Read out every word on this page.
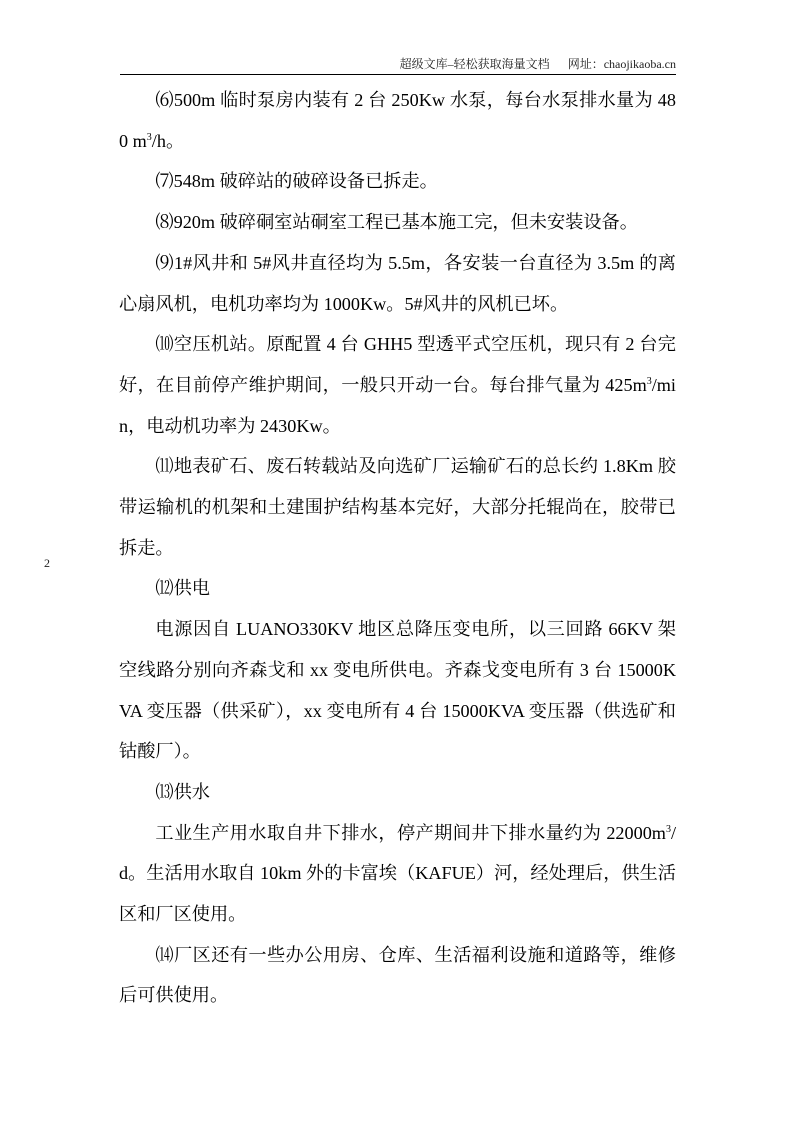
超级文库–轻松获取海量文档 网址：chaojikaoba.cn
2

⑹500m 临时泵房内装有 2 台 250Kw 水泵，每台水泵排水量为 480 $m^3/h$。

⑺548m 破碎站的破碎设备已拆走。

⑻920m 破碎硐室站硐室工程已基本施工完，但未安装设备。

⑼1#风井和 5#风井直径均为 5.5m，各安装一台直径为 3.5m 的离心扇风机，电机功率均为 1000Kw。5#风井的风机已坏。

⑽空压机站。原配置 4 台 GHH5 型透平式空压机，现只有 2 台完好，在目前停产维护期间，一般只开动一台。每台排气量为 $425m^3/\min$，电动机功率为 2430Kw。

⑾地表矿石、废石转载站及向选矿厂运输矿石的总长约 1.8Km 胶带运输机的机架和土建围护结构基本完好，大部分托辊尚在，胶带已拆走。

⑿供电

电源因自 LUANO330KV 地区总降压变电所，以三回路 66KV 架空线路分别向齐森戈和 xx 变电所供电。齐森戈变电所有 3 台 15000KVA 变压器（供采矿），xx 变电所有 4 台 15000KVA 变压器（供选矿和钴酸厂）。

⒀供水

工业生产用水取自井下排水，停产期间井下排水量约为 $22000m^3/d$。生活用水取自 10km 外的卡富埃（KAFUE）河，经处理后，供生活区和厂区使用。

⒁厂区还有一些办公用房、仓库、生活福利设施和道路等，维修后可供使用。
